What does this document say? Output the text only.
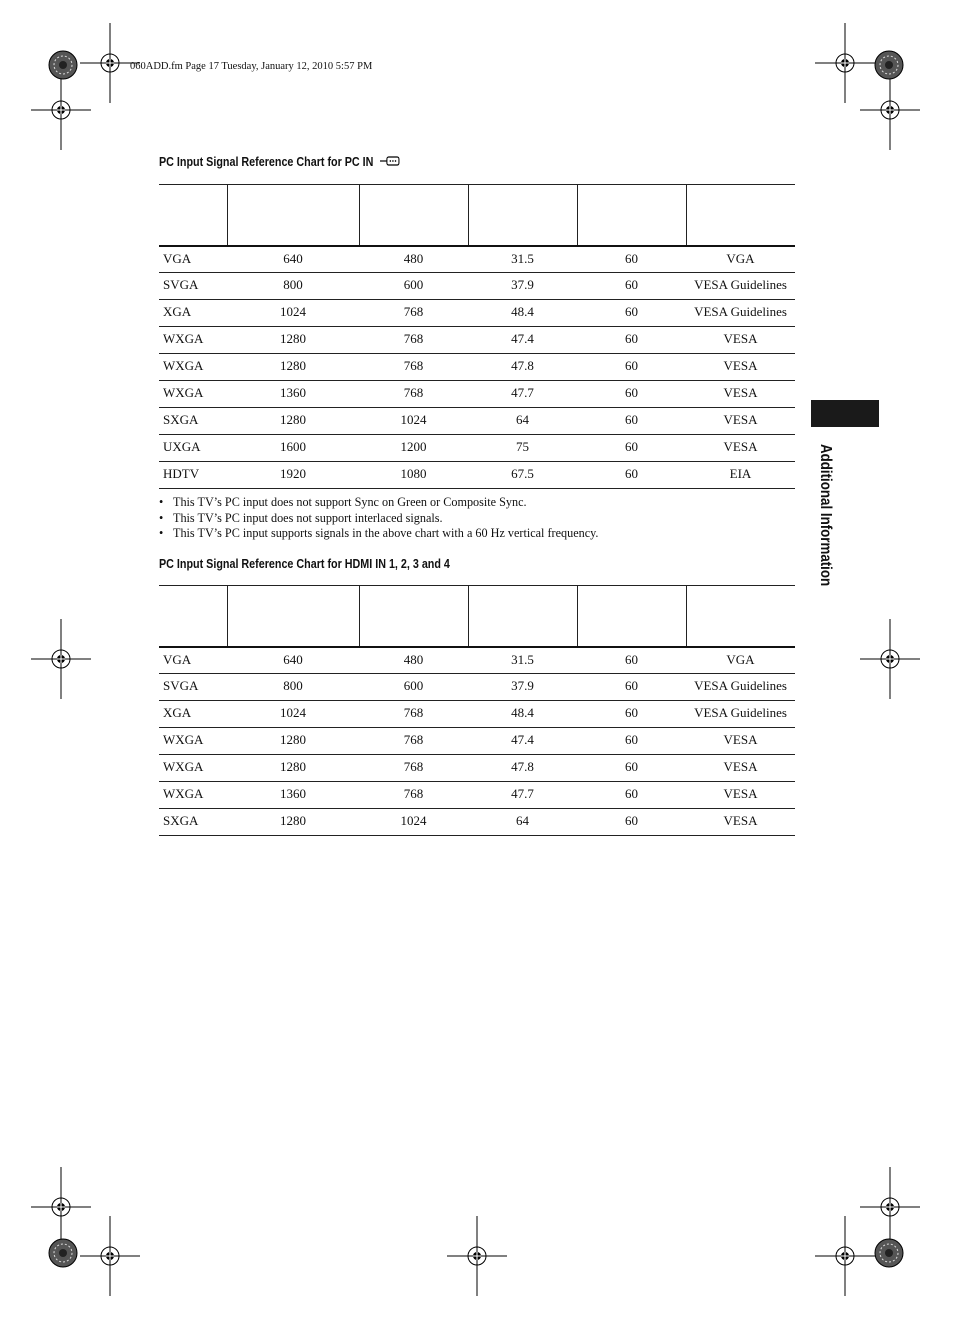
060ADD.fm Page 17 Tuesday, January 12, 2010 5:57 PM
PC Input Signal Reference Chart for PC IN

VGA	640	480	31.5	60	VGA
SVGA	800	600	37.9	60	VESA Guidelines
XGA	1024	768	48.4	60	VESA Guidelines
WXGA	1280	768	47.4	60	VESA
WXGA	1280	768	47.8	60	VESA
WXGA	1360	768	47.7	60	VESA
SXGA	1280	1024	64	60	VESA
UXGA	1600	1200	75	60	VESA
HDTV	1920	1080	67.5	60	EIA
• This TV’s PC input does not support Sync on Green or Composite Sync.
• This TV’s PC input does not support interlaced signals.
• This TV’s PC input supports signals in the above chart with a 60 Hz vertical frequency.
PC Input Signal Reference Chart for HDMI IN 1, 2, 3 and 4

VGA	640	480	31.5	60	VGA
SVGA	800	600	37.9	60	VESA Guidelines
XGA	1024	768	48.4	60	VESA Guidelines
WXGA	1280	768	47.4	60	VESA
WXGA	1280	768	47.8	60	VESA
WXGA	1360	768	47.7	60	VESA
SXGA	1280	1024	64	60	VESA
Additional Information
